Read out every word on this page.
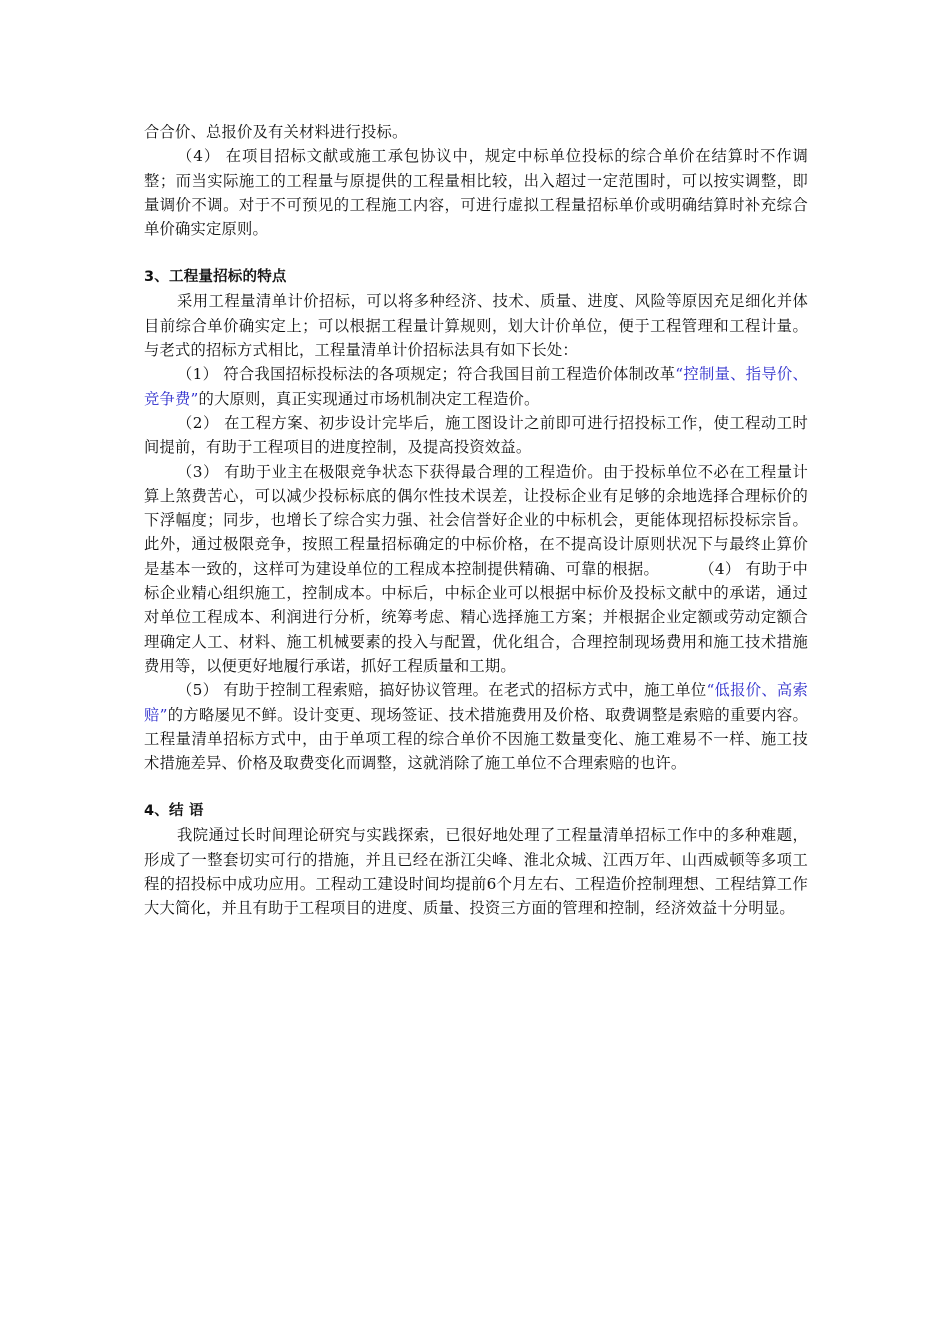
合合价、总报价及有关材料进行投标。

（4） 在项目招标文献或施工承包协议中，规定中标单位投标的综合单价在结算时不作调整；而当实际施工的工程量与原提供的工程量相比较，出入超过一定范围时，可以按实调整，即量调价不调。对于不可预见的工程施工内容，可进行虚拟工程量招标单价或明确结算时补充综合单价确实定原则。

3、工程量招标的特点

采用工程量清单计价招标，可以将多种经济、技术、质量、进度、风险等原因充足细化并体目前综合单价确实定上；可以根据工程量计算规则，划大计价单位，便于工程管理和工程计量。与老式的招标方式相比，工程量清单计价招标法具有如下长处：

（1） 符合我国招标投标法的各项规定；符合我国目前工程造价体制改革“控制量、指导价、竞争费”的大原则，真正实现通过市场机制决定工程造价。

（2） 在工程方案、初步设计完毕后，施工图设计之前即可进行招投标工作，使工程动工时间提前，有助于工程项目的进度控制，及提高投资效益。

（3） 有助于业主在极限竞争状态下获得最合理的工程造价。由于投标单位不必在工程量计算上煞费苦心，可以减少投标标底的偶尔性技术误差，让投标企业有足够的余地选择合理标价的下浮幅度；同步，也增长了综合实力强、社会信誉好企业的中标机会，更能体现招标投标宗旨。此外，通过极限竞争，按照工程量招标确定的中标价格，在不提高设计原则状况下与最终止算价是基本一致的，这样可为建设单位的工程成本控制提供精确、可靠的根据。	（4） 有助于中标企业精心组织施工，控制成本。中标后，中标企业可以根据中标价及投标文献中的承诺，通过对单位工程成本、利润进行分析，统筹考虑、精心选择施工方案；并根据企业定额或劳动定额合理确定人工、材料、施工机械要素的投入与配置，优化组合，合理控制现场费用和施工技术措施费用等，以便更好地履行承诺，抓好工程质量和工期。

（5） 有助于控制工程索赔，搞好协议管理。在老式的招标方式中，施工单位“低报价、高索赔”的方略屡见不鲜。设计变更、现场签证、技术措施费用及价格、取费调整是索赔的重要内容。工程量清单招标方式中，由于单项工程的综合单价不因施工数量变化、施工难易不一样、施工技术措施差异、价格及取费变化而调整，这就消除了施工单位不合理索赔的也许。

4、结 语

我院通过长时间理论研究与实践探索，已很好地处理了工程量清单招标工作中的多种难题，形成了一整套切实可行的措施，并且已经在浙江尖峰、淮北众城、江西万年、山西威顿等多项工程的招投标中成功应用。工程动工建设时间均提前6个月左右、工程造价控制理想、工程结算工作大大简化，并且有助于工程项目的进度、质量、投资三方面的管理和控制，经济效益十分明显。
